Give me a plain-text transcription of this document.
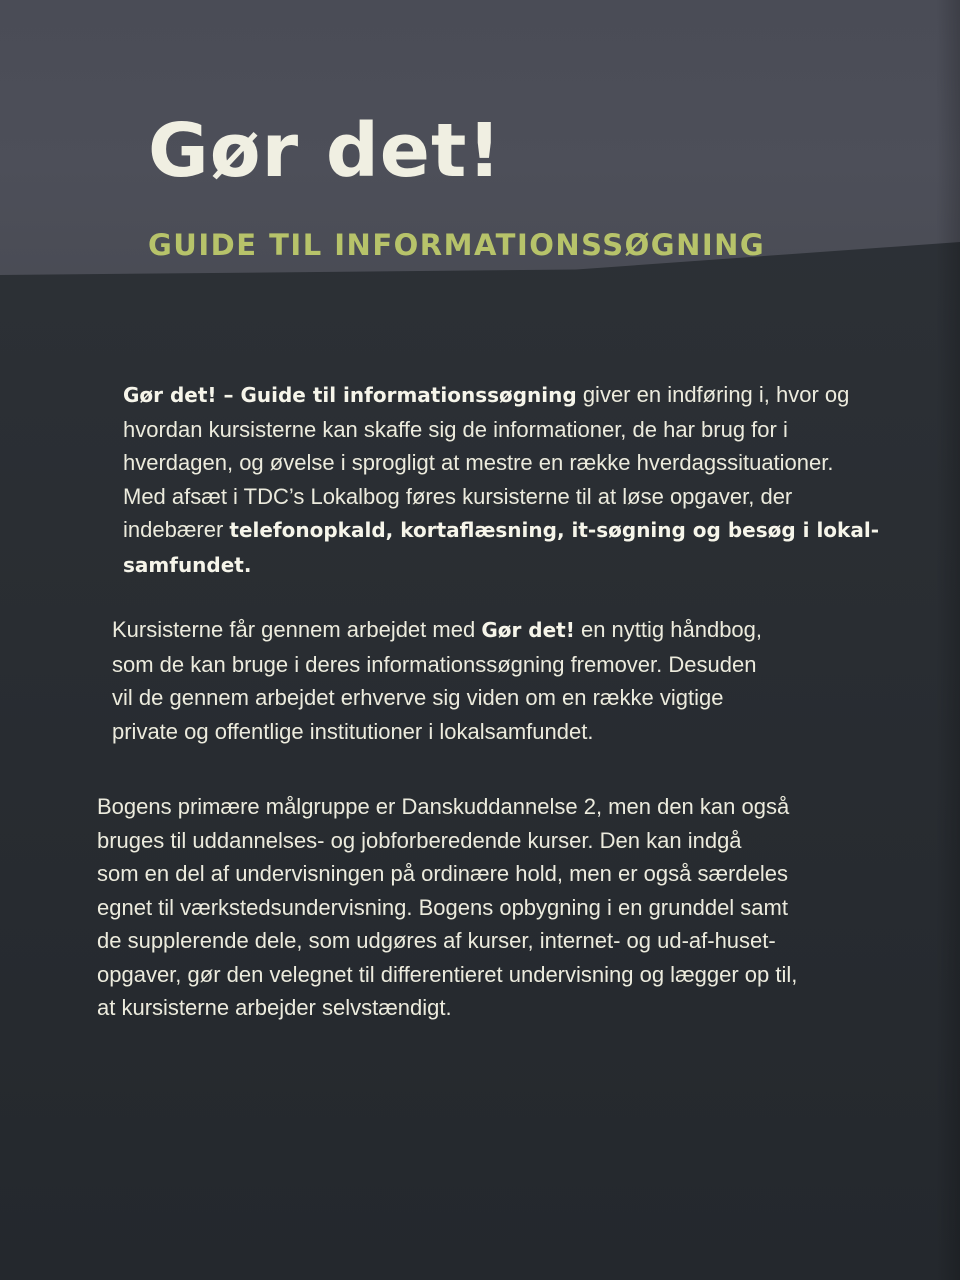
Gør det!
GUIDE TIL INFORMATIONSSØGNING

Gør det! – Guide til informationssøgning giver en indføring i, hvor og
hvordan kursisterne kan skaffe sig de informationer, de har brug for i
hverdagen, og øvelse i sprogligt at mestre en række hverdagssituationer.
Med afsæt i TDC’s Lokalbog føres kursisterne til at løse opgaver, der
indebærer telefonopkald, kortaflæsning, it-søgning og besøg i lokal-
samfundet.

Kursisterne får gennem arbejdet med Gør det! en nyttig håndbog,
som de kan bruge i deres informationssøgning fremover. Desuden
vil de gennem arbejdet erhverve sig viden om en række vigtige
private og offentlige institutioner i lokalsamfundet.

Bogens primære målgruppe er Danskuddannelse 2, men den kan også
bruges til uddannelses- og jobforberedende kurser. Den kan indgå
som en del af undervisningen på ordinære hold, men er også særdeles
egnet til værkstedsundervisning. Bogens opbygning i en grunddel samt
de supplerende dele, som udgøres af kurser, internet- og ud-af-huset-
opgaver, gør den velegnet til differentieret undervisning og lægger op til,
at kursisterne arbejder selvstændigt.
